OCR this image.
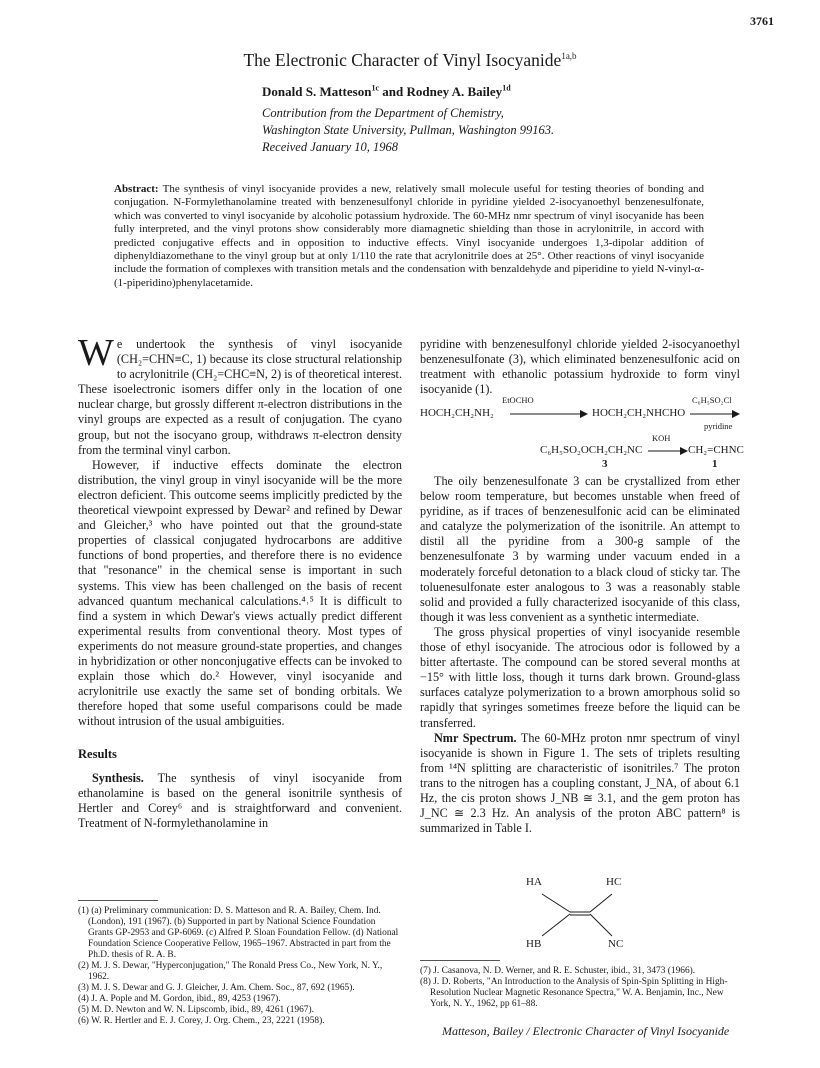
3761
The Electronic Character of Vinyl Isocyanide$^{1a,b}$
Donald S. Matteson$^{1c}$ and Rodney A. Bailey$^{1d}$
Contribution from the Department of Chemistry,
Washington State University, Pullman, Washington 99163.
Received January 10, 1968
Abstract: The synthesis of vinyl isocyanide provides a new, relatively small molecule useful for testing theories of bonding and conjugation. N-Formylethanolamine treated with benzenesulfonyl chloride in pyridine yielded 2-isocyanoethyl benzenesulfonate, which was converted to vinyl isocyanide by alcoholic potassium hydroxide. The 60-MHz nmr spectrum of vinyl isocyanide has been fully interpreted, and the vinyl protons show considerably more diamagnetic shielding than those in acrylonitrile, in accord with predicted conjugative effects and in opposition to inductive effects. Vinyl isocyanide undergoes 1,3-dipolar addition of diphenyldiazomethane to the vinyl group but at only 1/110 the rate that acrylonitrile does at 25°. Other reactions of vinyl isocyanide include the formation of complexes with transition metals and the condensation with benzaldehyde and piperidine to yield N-vinyl-α-(1-piperidino)phenylacetamide.

We undertook the synthesis of vinyl isocyanide (CH₂=CHN≡C, 1) because its close structural relationship to acrylonitrile (CH₂=CHC≡N, 2) is of theoretical interest. These isoelectronic isomers differ only in the location of one nuclear charge, but grossly different π-electron distributions in the vinyl groups are expected as a result of conjugation. The cyano group, but not the isocyano group, withdraws π-electron density from the terminal vinyl carbon.

However, if inductive effects dominate the electron distribution, the vinyl group in vinyl isocyanide will be the more electron deficient. This outcome seems implicitly predicted by the theoretical viewpoint expressed by Dewar² and refined by Dewar and Gleicher,³ who have pointed out that the ground-state properties of classical conjugated hydrocarbons are additive functions of bond properties, and therefore there is no evidence that "resonance" in the chemical sense is important in such systems. This view has been challenged on the basis of recent advanced quantum mechanical calculations.⁴˒⁵ It is difficult to find a system in which Dewar's views actually predict different experimental results from conventional theory. Most types of experiments do not measure ground-state properties, and changes in hybridization or other nonconjugative effects can be invoked to explain those which do.² However, vinyl isocyanide and acrylonitrile use exactly the same set of bonding orbitals. We therefore hoped that some useful comparisons could be made without intrusion of the usual ambiguities.

Results

Synthesis. The synthesis of vinyl isocyanide from ethanolamine is based on the general isonitrile synthesis of Hertler and Corey⁶ and is straightforward and convenient. Treatment of N-formylethanolamine in

(1) (a) Preliminary communication: D. S. Matteson and R. A. Bailey, Chem. Ind. (London), 191 (1967). (b) Supported in part by National Science Foundation Grants GP-2953 and GP-6069. (c) Alfred P. Sloan Foundation Fellow. (d) National Foundation Science Cooperative Fellow, 1965–1967. Abstracted in part from the Ph.D. thesis of R. A. B.
(2) M. J. S. Dewar, "Hyperconjugation," The Ronald Press Co., New York, N. Y., 1962.
(3) M. J. S. Dewar and G. J. Gleicher, J. Am. Chem. Soc., 87, 692 (1965).
(4) J. A. Pople and M. Gordon, ibid., 89, 4253 (1967).
(5) M. D. Newton and W. N. Lipscomb, ibid., 89, 4261 (1967).
(6) W. R. Hertler and E. J. Corey, J. Org. Chem., 23, 2221 (1958).

pyridine with benzenesulfonyl chloride yielded 2-isocyanoethyl benzenesulfonate (3), which eliminated benzenesulfonic acid on treatment with ethanolic potassium hydroxide to form vinyl isocyanide (1).

EtOCHO
HOCH₂CH₂NH₂	HOCH₂CH₂NHCHO
C₆H₅SO₂Cl
pyridine
KOH
C₆H₅SO₂OCH₂CH₂NC → CH₂=CHNC
3	1

The oily benzenesulfonate 3 can be crystallized from ether below room temperature, but becomes unstable when freed of pyridine, as if traces of benzenesulfonic acid can be eliminated and catalyze the polymerization of the isonitrile. An attempt to distil all the pyridine from a 300-g sample of the benzenesulfonate 3 by warming under vacuum ended in a moderately forceful detonation to a black cloud of sticky tar. The toluenesulfonate ester analogous to 3 was a reasonably stable solid and provided a fully characterized isocyanide of this class, though it was less convenient as a synthetic intermediate.

The gross physical properties of vinyl isocyanide resemble those of ethyl isocyanide. The atrocious odor is followed by a bitter aftertaste. The compound can be stored several months at −15° with little loss, though it turns dark brown. Ground-glass surfaces catalyze polymerization to a brown amorphous solid so rapidly that syringes sometimes freeze before the liquid can be transferred.

Nmr Spectrum. The 60-MHz proton nmr spectrum of vinyl isocyanide is shown in Figure 1. The sets of triplets resulting from ¹⁴N splitting are characteristic of isonitriles.⁷ The proton trans to the nitrogen has a coupling constant, J_NA, of about 6.1 Hz, the cis proton shows J_NB ≅ 3.1, and the gem proton has J_NC ≅ 2.3 Hz. An analysis of the proton ABC pattern⁸ is summarized in Table I.

HA	HC
HB	NC
(7) J. Casanova, N. D. Werner, and R. E. Schuster, ibid., 31, 3473 (1966).
(8) J. D. Roberts, "An Introduction to the Analysis of Spin-Spin Splitting in High-Resolution Nuclear Magnetic Resonance Spectra," W. A. Benjamin, Inc., New York, N. Y., 1962, pp 61–88.
Matteson, Bailey / Electronic Character of Vinyl Isocyanide
